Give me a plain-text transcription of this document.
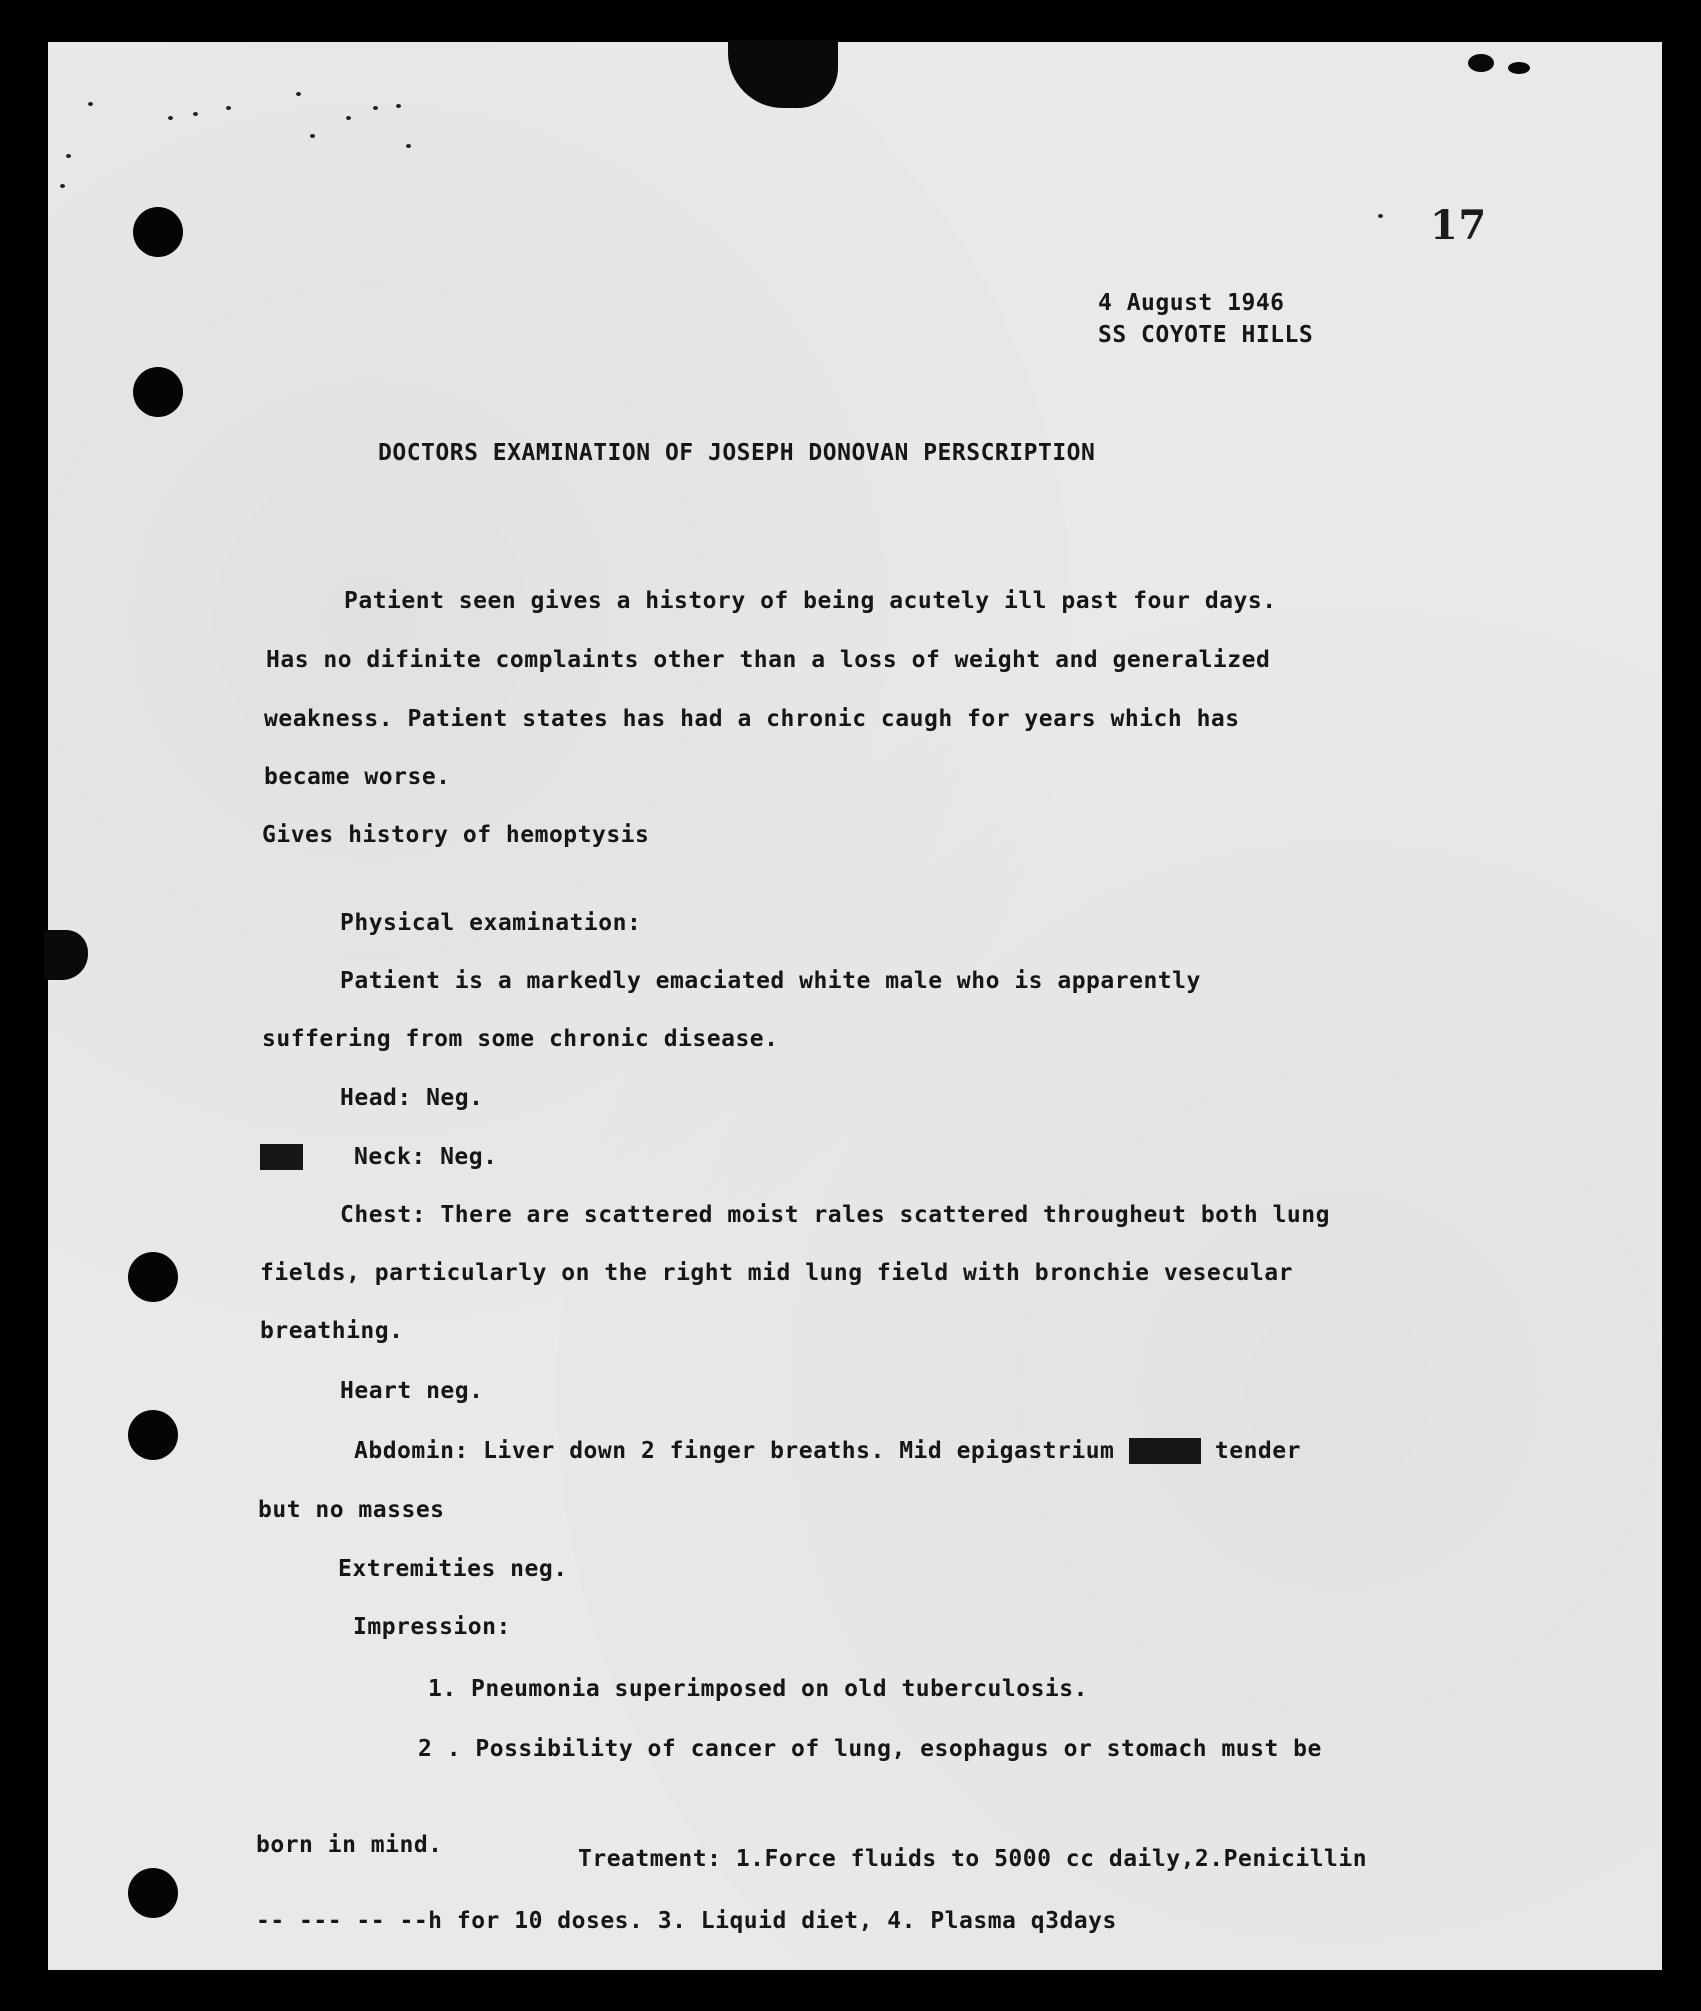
17
4 August 1946
SS COYOTE HILLS
DOCTORS EXAMINATION OF JOSEPH DONOVAN PERSCRIPTION
Patient seen gives a history of being acutely ill past four days.
Has no difinite complaints other than a loss of weight and generalized
weakness. Patient states has had a chronic caugh for years which has
became worse.
Gives history of hemoptysis
Physical examination:
Patient is a markedly emaciated white male who is apparently
suffering from some chronic disease.
Head: Neg.
XXX Neck: Neg.
Chest: There are scattered moist rales scattered througheut both lung
fields, particularly on the right mid lung field with bronchie vesecular
breathing.
Heart neg.
Abdomin: Liver down 2 finger breaths. Mid epigastrium XXXXX tender
but no masses
Extremities neg.
Impression:
1. Pneumonia superimposed on old tuberculosis.
2 . Possibility of cancer of lung, esophagus or stomach must be
born in mind.
Treatment: 1.Force fluids to 5000 cc daily,2.Penicillin
-- --- -- --h for 10 doses. 3. Liquid diet, 4. Plasma q3days
